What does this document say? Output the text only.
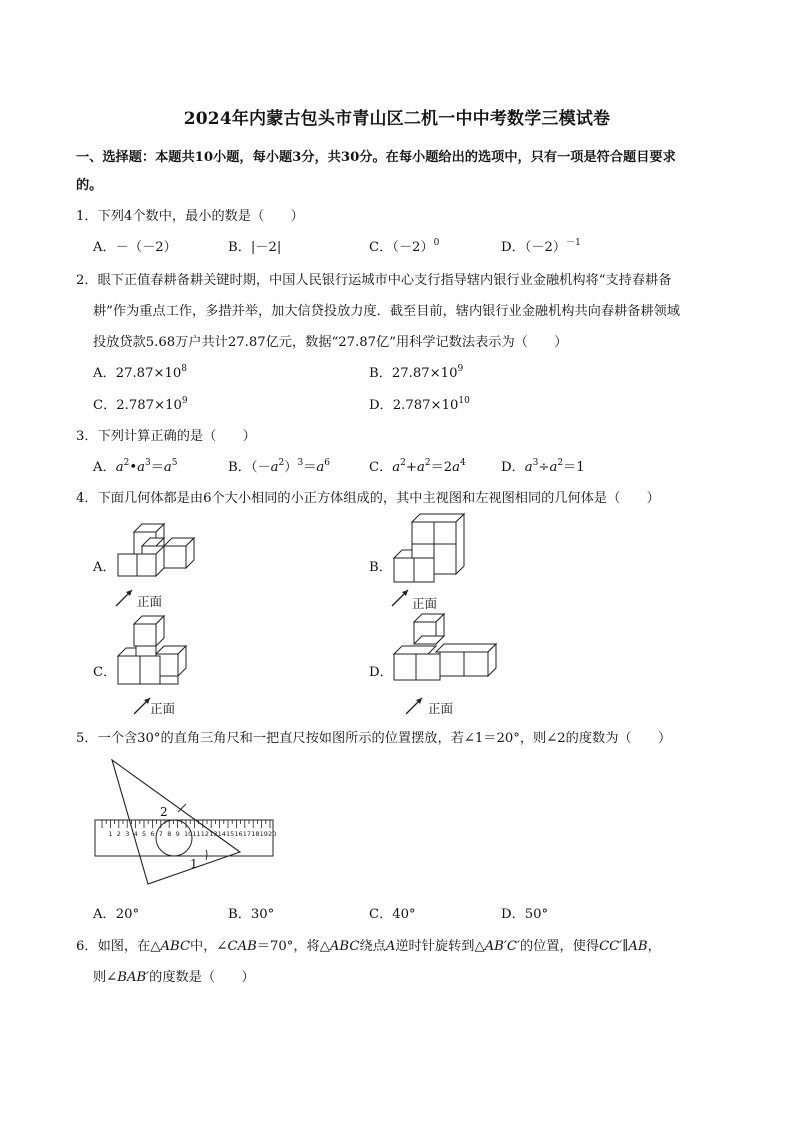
2024年内蒙古包头市青山区二机一中中考数学三模试卷
一、选择题：本题共10小题，每小题3分，共30分。在每小题给出的选项中，只有一项是符合题目要求
的。
1．下列4个数中，最小的数是（　　）
A．－（－2）	B．|－2|	C．$(-2)^0$	D．$(-2)^{-1}$
2．眼下正值春耕备耕关键时期，中国人民银行运城市中心支行指导辖内银行业金融机构将“支持春耕备
耕”作为重点工作，多措并举，加大信贷投放力度．截至目前，辖内银行业金融机构共向春耕备耕领域
投放贷款5.68万户共计27.87亿元，数据“27.87亿”用科学记数法表示为（　　）
A．$27.87\times 10^8$	B．$27.87\times 10^9$
C．$2.787\times 10^9$	D．$2.787\times 10^{10}$
3．下列计算正确的是（　　）
A．$a^2•a^3=a^5$	B．$(-a^2)^3=a^6$	C．$a^2+a^2=2a^4$	D．$a^3\div a^2=1$
4．下面几何体都是由6个大小相同的小正方体组成的，其中主视图和左视图相同的几何体是（　　）
A．
正面
B．
正面
C．
正面
D．
正面
5．一个含30°的直角三角尺和一把直尺按如图所示的位置摆放，若∠1＝20°，则∠2的度数为（　　）
1 2 3 4 5 6 7 8 9 10 11 12 13 14 15 16 17 18 19 20
2
1
A．20°	B．30°	C．40°	D．50°
6．如图，在△ABC中，∠CAB＝70°，将△ABC绕点A逆时针旋转到△AB′C′的位置，使得CC′∥AB，
则∠BAB′的度数是（　　）
